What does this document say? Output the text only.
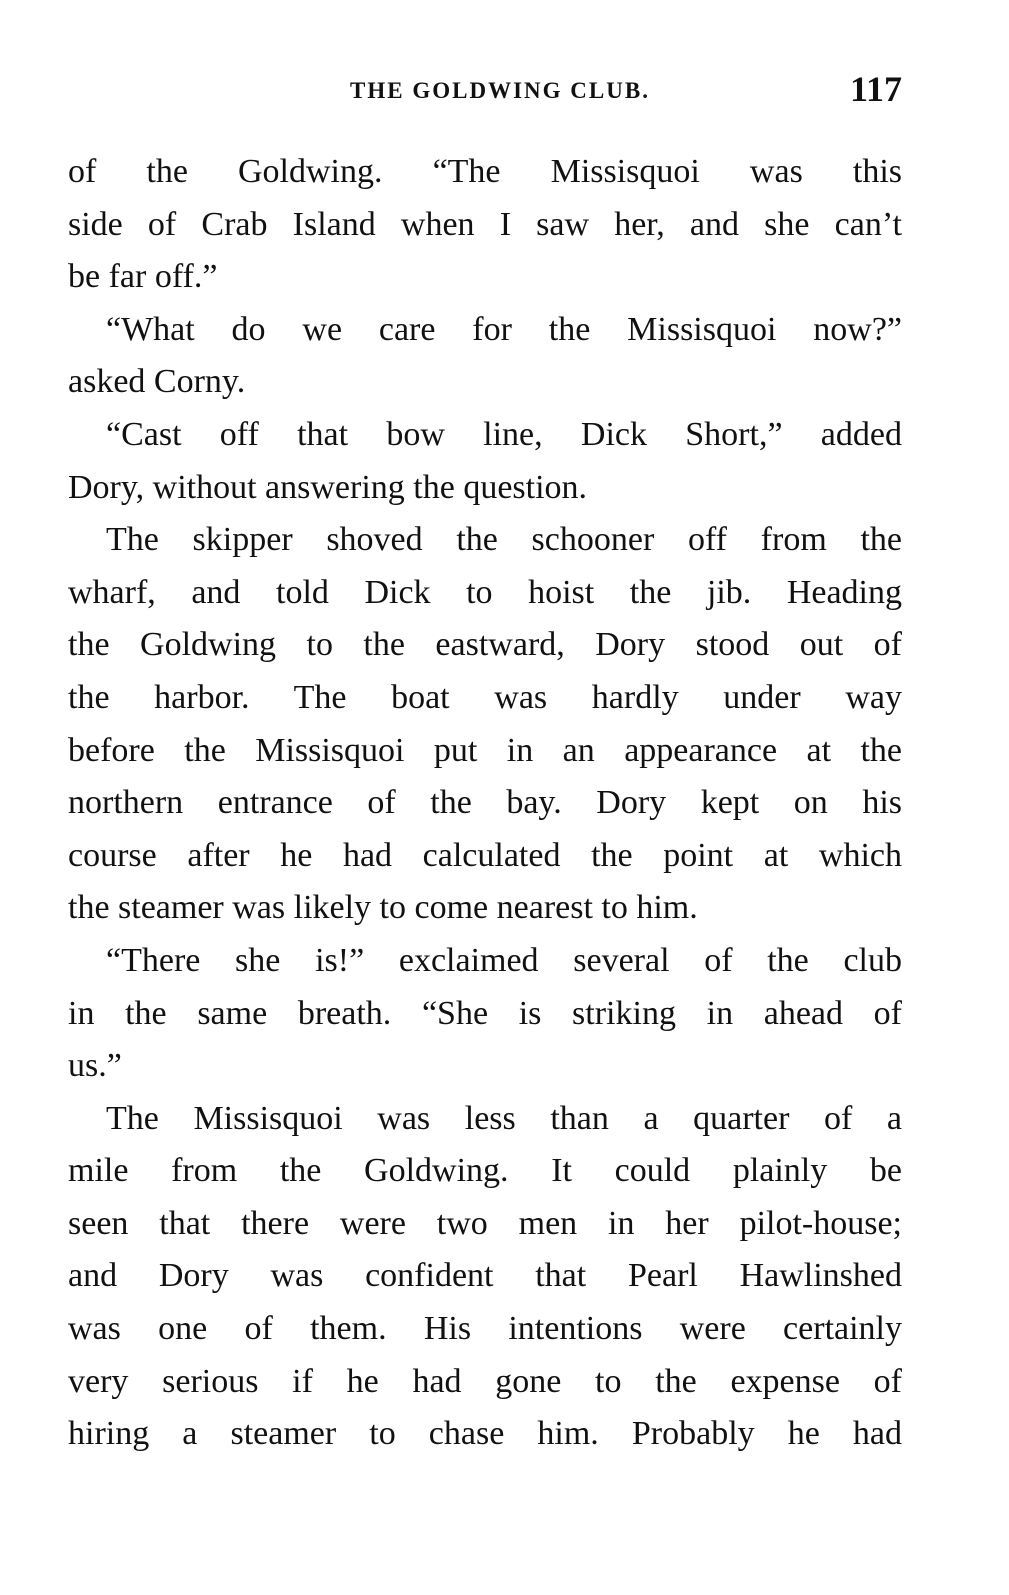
THE GOLDWING CLUB.	117
of the Goldwing. “The Missisquoi was this
side of Crab Island when I saw her, and she can’t
be far off.”
“What do we care for the Missisquoi now?”
asked Corny.
“Cast off that bow line, Dick Short,” added
Dory, without answering the question.
The skipper shoved the schooner off from the
wharf, and told Dick to hoist the jib. Heading
the Goldwing to the eastward, Dory stood out of
the harbor. The boat was hardly under way
before the Missisquoi put in an appearance at the
northern entrance of the bay. Dory kept on his
course after he had calculated the point at which
the steamer was likely to come nearest to him.
“There she is!” exclaimed several of the club
in the same breath. “She is striking in ahead of
us.”
The Missisquoi was less than a quarter of a
mile from the Goldwing. It could plainly be
seen that there were two men in her pilot-house;
and Dory was confident that Pearl Hawlinshed
was one of them. His intentions were certainly
very serious if he had gone to the expense of
hiring a steamer to chase him. Probably he had
